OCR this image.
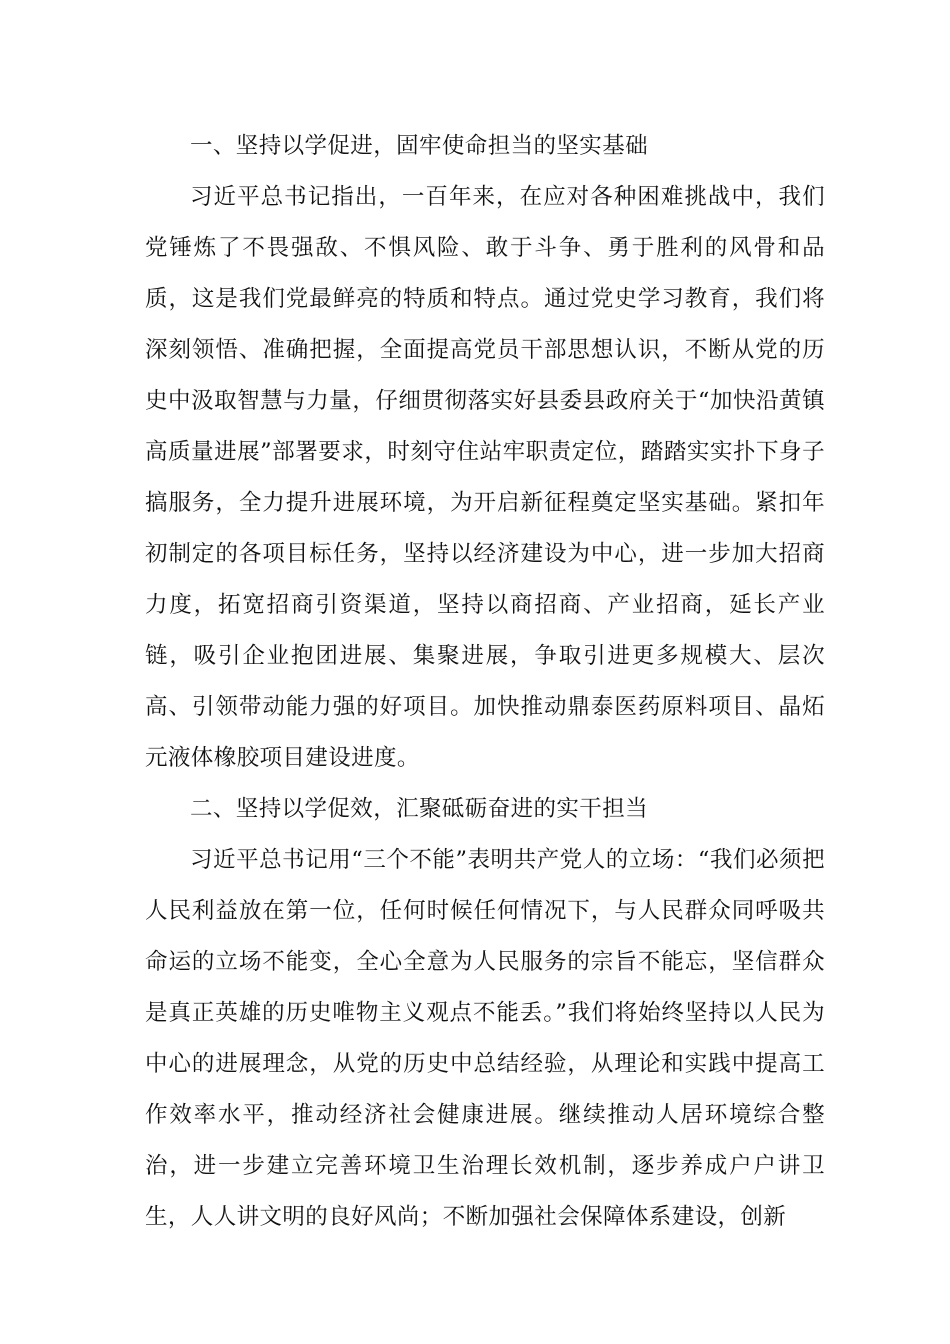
一、坚持以学促进，固牢使命担当的坚实基础

习近平总书记指出，一百年来，在应对各种困难挑战中，我们党锤炼了不畏强敌、不惧风险、敢于斗争、勇于胜利的风骨和品质，这是我们党最鲜亮的特质和特点。通过党史学习教育，我们将深刻领悟、准确把握，全面提高党员干部思想认识，不断从党的历史中汲取智慧与力量，仔细贯彻落实好县委县政府关于“加快沿黄镇高质量进展”部署要求，时刻守住站牢职责定位，踏踏实实扑下身子搞服务，全力提升进展环境，为开启新征程奠定坚实基础。紧扣年初制定的各项目标任务，坚持以经济建设为中心，进一步加大招商力度，拓宽招商引资渠道，坚持以商招商、产业招商，延长产业链，吸引企业抱团进展、集聚进展，争取引进更多规模大、层次高、引领带动能力强的好项目。加快推动鼎泰医药原料项目、晶炻元液体橡胶项目建设进度。

二、坚持以学促效，汇聚砥砺奋进的实干担当

习近平总书记用“三个不能”表明共产党人的立场：“我们必须把人民利益放在第一位，任何时候任何情况下，与人民群众同呼吸共命运的立场不能变，全心全意为人民服务的宗旨不能忘，坚信群众是真正英雄的历史唯物主义观点不能丢。”我们将始终坚持以人民为中心的进展理念，从党的历史中总结经验，从理论和实践中提高工作效率水平，推动经济社会健康进展。继续推动人居环境综合整治，进一步建立完善环境卫生治理长效机制，逐步养成户户讲卫生，人人讲文明的良好风尚；不断加强社会保障体系建设，创新
